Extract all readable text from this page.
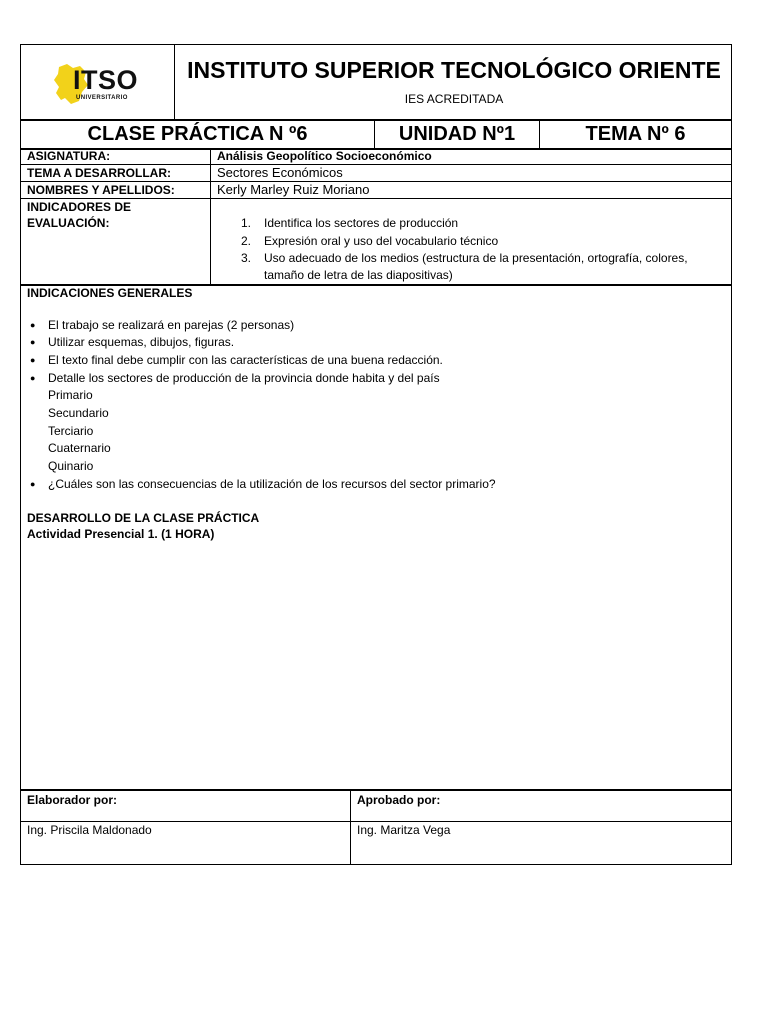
ITSO
UNIVERSITARIO
INSTITUTO SUPERIOR TECNOLÓGICO ORIENTE
IES ACREDITADA
CLASE PRÁCTICA N º6	UNIDAD Nº1	TEMA Nº 6
ASIGNATURA:	Análisis Geopolítico Socioeconómico
TEMA A DESARROLLAR:	Sectores Económicos
NOMBRES Y APELLIDOS:	Kerly Marley Ruiz Moriano
INDICADORES DE
EVALUACIÓN:	1. Identifica los sectores de producción
2. Expresión oral y uso del vocabulario técnico
3. Uso adecuado de los medios (estructura de la presentación, ortografía, colores,
tamaño de letra de las diapositivas)
INDICACIONES GENERALES
● El trabajo se realizará en parejas (2 personas)
● Utilizar esquemas, dibujos, figuras.
● El texto final debe cumplir con las características de una buena redacción.
● Detalle los sectores de producción de la provincia donde habita y del país
Primario
Secundario
Terciario
Cuaternario
Quinario
● ¿Cuáles son las consecuencias de la utilización de los recursos del sector primario?
DESARROLLO DE LA CLASE PRÁCTICA
Actividad Presencial 1. (1 HORA)
Elaborador por:	Aprobado por:
Ing. Priscila Maldonado	Ing. Maritza Vega
